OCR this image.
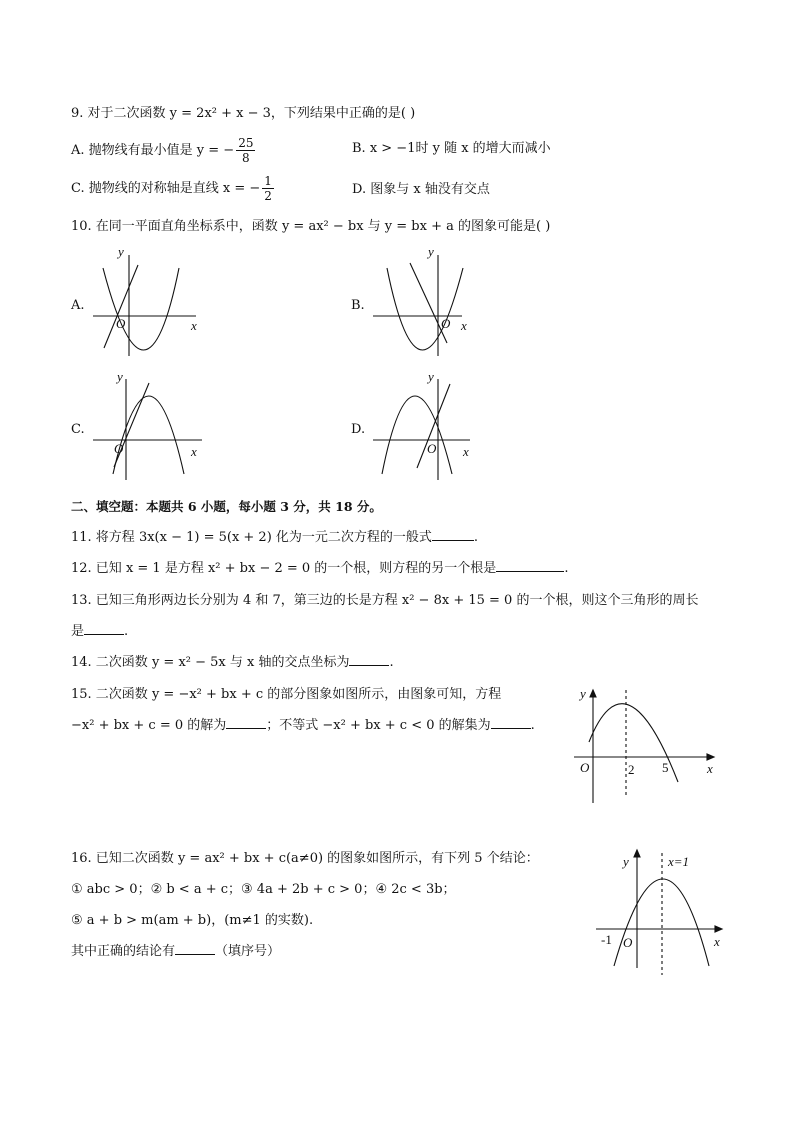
9. 对于二次函数 y = 2x² + x − 3，下列结果中正确的是( )
A. 抛物线有最小值是 y = − $\frac{25}{8}$	B. x > −1时 y 随 x 的增大而减小
C. 抛物线的对称轴是直线 x = − $\frac{1}{2}$	D. 图象与 x 轴没有交点
10. 在同一平面直角坐标系中，函数 y = ax² − bx 与 y = bx + a 的图象可能是( )
A.	B.
C.	D.
y
x
O
y
x
O
y
x
O
y
x
O
二、填空题：本题共 6 小题，每小题 3 分，共 18 分。
11. 将方程 3x(x − 1) = 5(x + 2) 化为一元二次方程的一般式	.
12. 已知 x = 1 是方程 x² + bx − 2 = 0 的一个根，则方程的另一个根是	.
13. 已知三角形两边长分别为 4 和 7，第三边的长是方程 x² − 8x + 15 = 0 的一个根，则这个三角形的周长
是	.
14. 二次函数 y = x² − 5x 与 x 轴的交点坐标为	.
15. 二次函数 y = −x² + bx + c 的部分图象如图所示，由图象可知，方程
−x² + bx + c = 0 的解为	；不等式 −x² + bx + c < 0 的解集为	.
y
x
O	2 5
16. 已知二次函数 y = ax² + bx + c(a≠0) 的图象如图所示，有下列 5 个结论：
① abc > 0；② b < a + c；③ 4a + 2b + c > 0；④ 2c < 3b；
⑤ a + b > m(am + b)，(m≠1 的实数).
其中正确的结论有	（填序号）
y	x=1
x
-1 O
